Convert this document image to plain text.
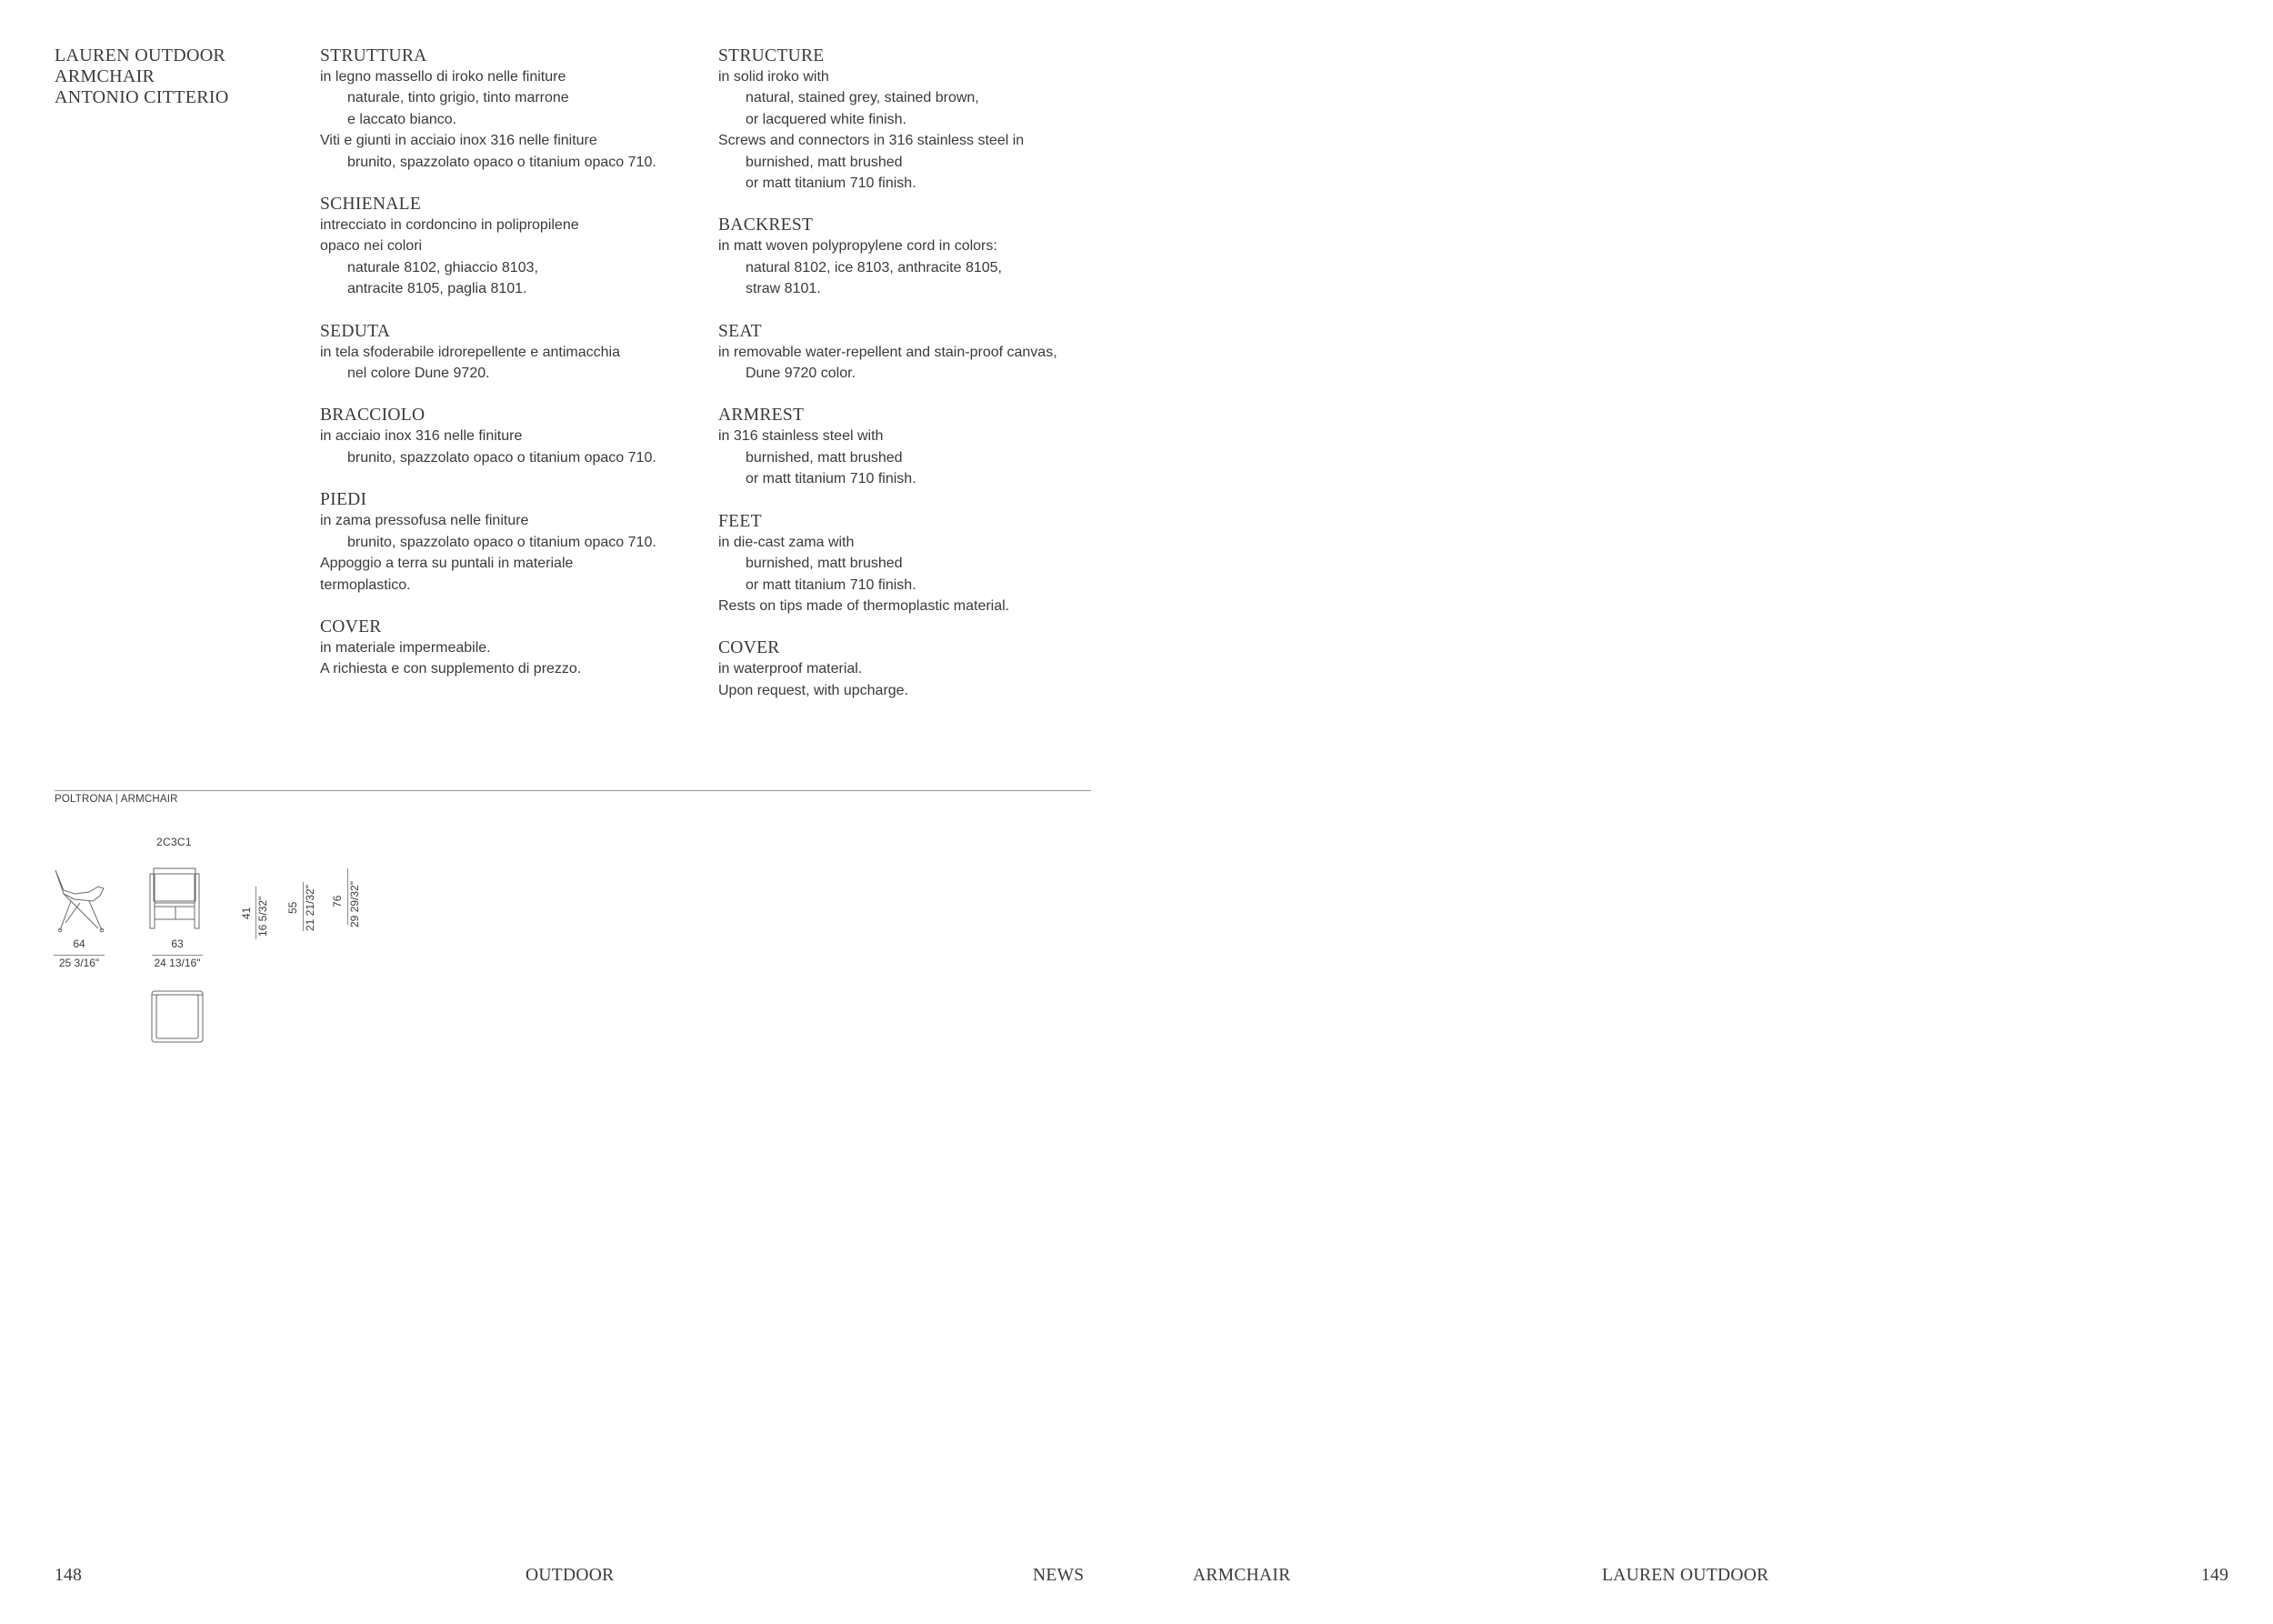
LAUREN OUTDOOR
ARMCHAIR
ANTONIO CITTERIO
STRUTTURA
in legno massello di iroko nelle finiture
naturale, tinto grigio, tinto marrone
e laccato bianco.
Viti e giunti in acciaio inox 316 nelle finiture
brunito, spazzolato opaco o titanium opaco 710.
SCHIENALE
intrecciato in cordoncino in polipropilene
opaco nei colori
naturale 8102, ghiaccio 8103,
antracite 8105, paglia 8101.
SEDUTA
in tela sfoderabile idrorepellente e antimacchia
nel colore Dune 9720.
BRACCIOLO
in acciaio inox 316 nelle finiture
brunito, spazzolato opaco o titanium opaco 710.
PIEDI
in zama pressofusa nelle finiture
brunito, spazzolato opaco o titanium opaco 710.
Appoggio a terra su puntali in materiale
termoplastico.
COVER
in materiale impermeabile.
A richiesta e con supplemento di prezzo.
STRUCTURE
in solid iroko with
natural, stained grey, stained brown,
or lacquered white finish.
Screws and connectors in 316 stainless steel in
burnished, matt brushed
or matt titanium 710 finish.
BACKREST
in matt woven polypropylene cord in colors:
natural 8102, ice 8103, anthracite 8105,
straw 8101.
SEAT
in removable water-repellent and stain-proof canvas,
Dune 9720 color.
ARMREST
in 316 stainless steel with
burnished, matt brushed
or matt titanium 710 finish.
FEET
in die-cast zama with
burnished, matt brushed
or matt titanium 710 finish.
Rests on tips made of thermoplastic material.
COVER
in waterproof material.
Upon request, with upcharge.
POLTRONA | ARMCHAIR
2C3C1
64
25 3/16"
63
24 13/16"
41 16 5/32" 55 21 21/32" 76 29 29/32"
148	OUTDOOR	NEWS	ARMCHAIR	LAUREN OUTDOOR	149
